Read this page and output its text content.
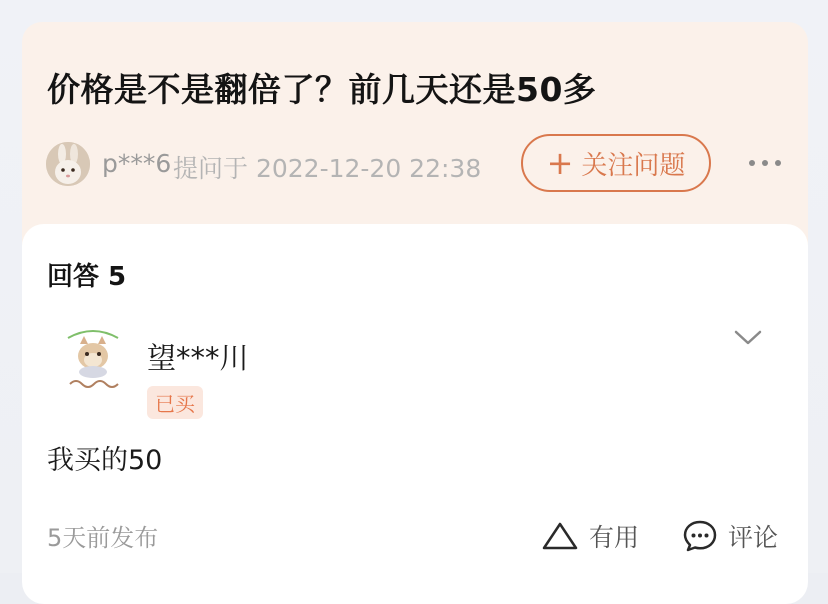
价格是不是翻倍了？前几天还是50多
p***6 提问于 2022-12-20 22:38 + 关注问题
回答 5
望***川
已买
我买的50
5天前发布	有用	评论
